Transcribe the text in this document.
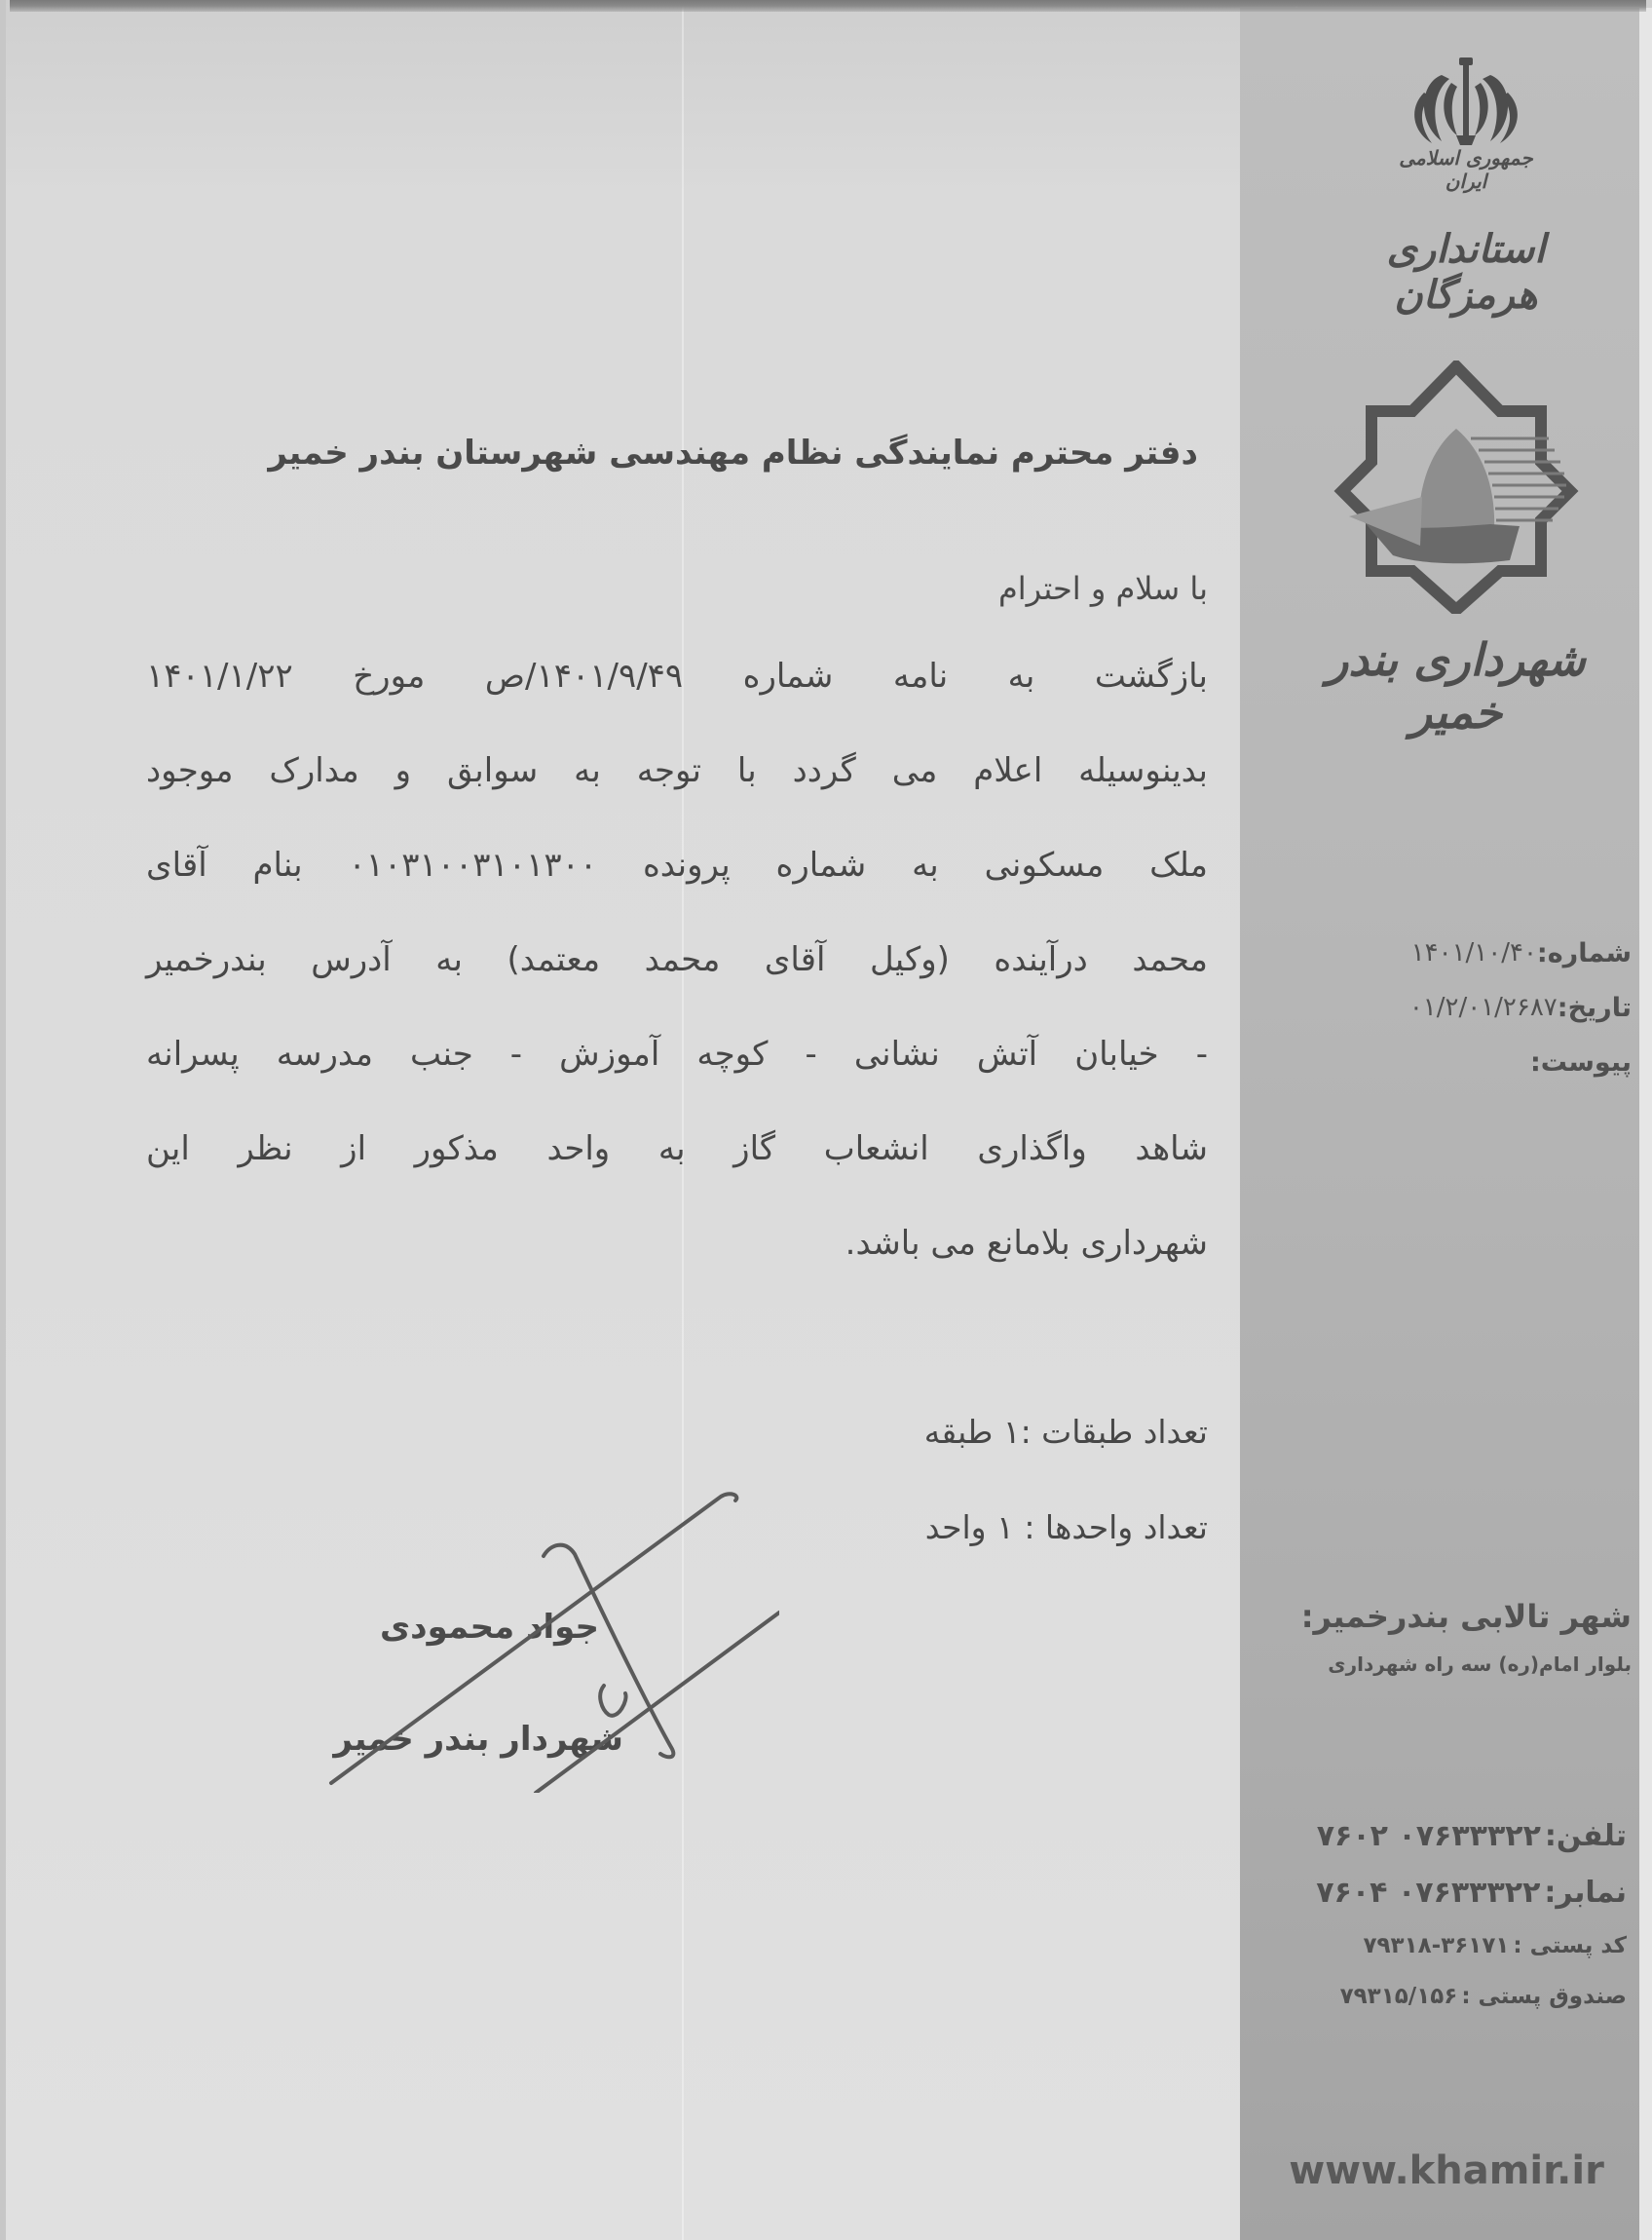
جمهوری اسلامی ایران
استانداری هرمزگان
شهرداری بندر خمیر
شماره:
۱۴۰۱/۱۰/۴۰
تاریخ:
۰۱/۲/۰۱/۲۶۸۷
پیوست:
شهر تالابی بندرخمیر:
بلوار امام(ره) سه راه شهرداری
تلفن:
۰۷۶۳۳۳۲۲ ۷۶۰۲
نمابر:
۰۷۶۳۳۳۲۲ ۷۶۰۴
کد پستی :
۷۹۳۱۸-۳۶۱۷۱
صندوق پستی :
۷۹۳۱۵/۱۵۶
www.khamir.ir
دفتر محترم نمایندگی نظام مهندسی شهرستان بندر خمیر
با سلام و احترام
بازگشت به نامه شماره ۱۴۰۱/۹/۴۹/ص مورخ ۱۴۰۱/۱/۲۲
بدینوسیله اعلام می گردد با توجه به سوابق و مدارک موجود
ملک مسکونی به شماره پرونده ۰۱۰۳۱۰۰۳۱۰۱۳۰۰ بنام آقای
محمد درآینده (وکیل آقای محمد معتمد) به آدرس بندرخمیر
- خیابان آتش نشانی - کوچه آموزش - جنب مدرسه پسرانه
شاهد واگذاری انشعاب گاز به واحد مذکور از نظر این
شهرداری بلامانع می باشد.
تعداد طبقات :۱ طبقه
تعداد واحدها : ۱ واحد
جواد محمودی
شهردار بندر خمیر
